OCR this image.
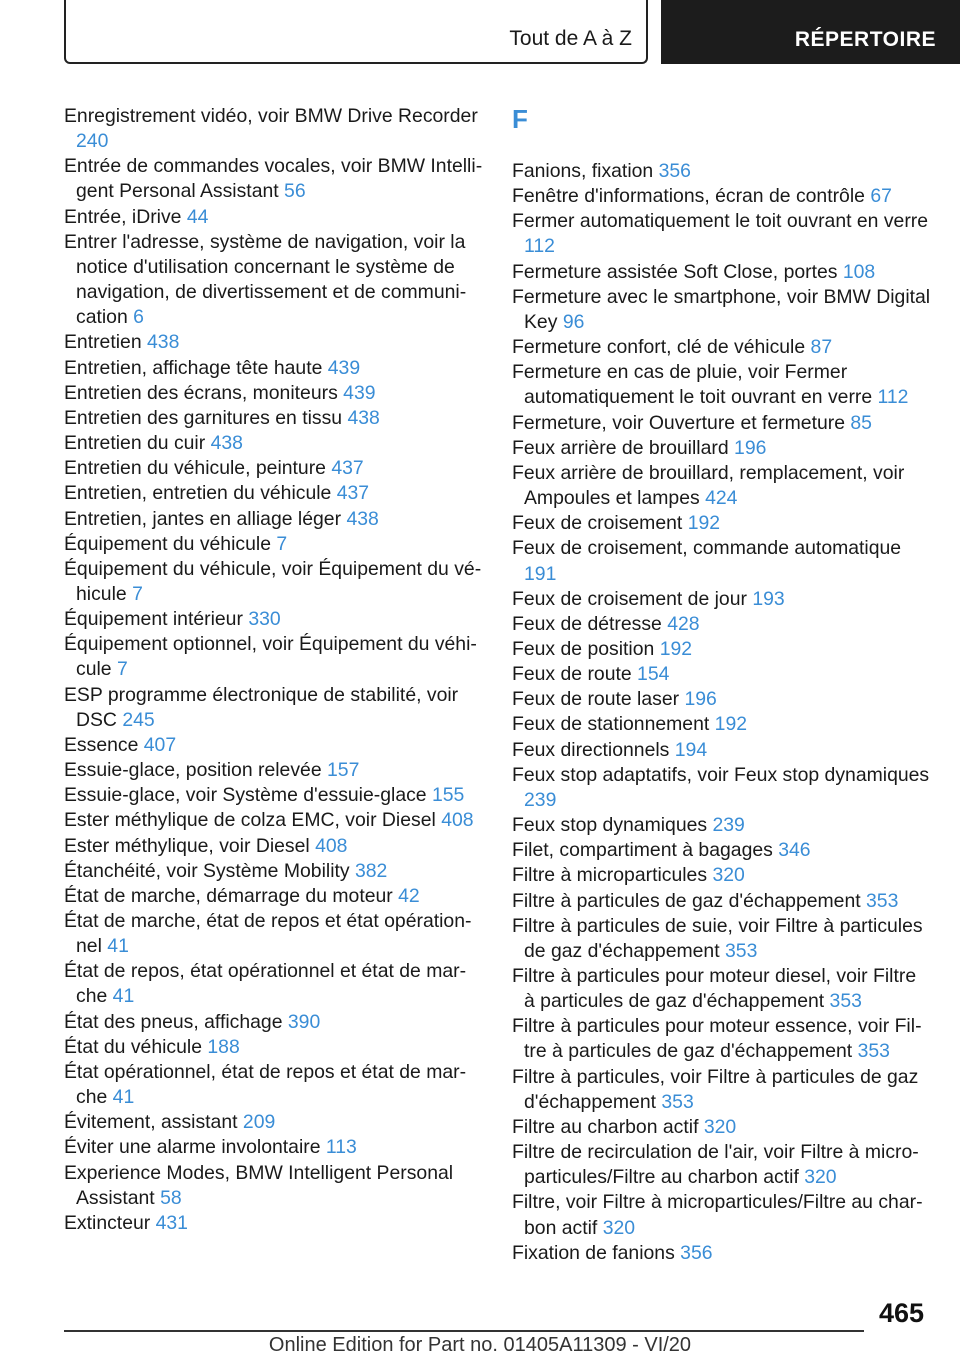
Tout de A à Z	RÉPERTOIRE
Enregistrement vidéo, voir BMW Drive Recorder 240
Entrée de commandes vocales, voir BMW Intelligent Personal Assistant 56
Entrée, iDrive 44
Entrer l'adresse, système de navigation, voir la notice d'utilisation concernant le système de navigation, de divertissement et de communication 6
Entretien 438
Entretien, affichage tête haute 439
Entretien des écrans, moniteurs 439
Entretien des garnitures en tissu 438
Entretien du cuir 438
Entretien du véhicule, peinture 437
Entretien, entretien du véhicule 437
Entretien, jantes en alliage léger 438
Équipement du véhicule 7
Équipement du véhicule, voir Équipement du véhicule 7
Équipement intérieur 330
Équipement optionnel, voir Équipement du véhicule 7
ESP programme électronique de stabilité, voir DSC 245
Essence 407
Essuie-glace, position relevée 157
Essuie-glace, voir Système d'essuie-glace 155
Ester méthylique de colza EMC, voir Diesel 408
Ester méthylique, voir Diesel 408
Étanchéité, voir Système Mobility 382
État de marche, démarrage du moteur 42
État de marche, état de repos et état opérationnel 41
État de repos, état opérationnel et état de marche 41
État des pneus, affichage 390
État du véhicule 188
État opérationnel, état de repos et état de marche 41
Évitement, assistant 209
Éviter une alarme involontaire 113
Experience Modes, BMW Intelligent Personal Assistant 58
Extincteur 431
F
Fanions, fixation 356
Fenêtre d'informations, écran de contrôle 67
Fermer automatiquement le toit ouvrant en verre 112
Fermeture assistée Soft Close, portes 108
Fermeture avec le smartphone, voir BMW Digital Key 96
Fermeture confort, clé de véhicule 87
Fermeture en cas de pluie, voir Fermer automatiquement le toit ouvrant en verre 112
Fermeture, voir Ouverture et fermeture 85
Feux arrière de brouillard 196
Feux arrière de brouillard, remplacement, voir Ampoules et lampes 424
Feux de croisement 192
Feux de croisement, commande automatique 191
Feux de croisement de jour 193
Feux de détresse 428
Feux de position 192
Feux de route 154
Feux de route laser 196
Feux de stationnement 192
Feux directionnels 194
Feux stop adaptatifs, voir Feux stop dynamiques 239
Feux stop dynamiques 239
Filet, compartiment à bagages 346
Filtre à microparticules 320
Filtre à particules de gaz d'échappement 353
Filtre à particules de suie, voir Filtre à particules de gaz d'échappement 353
Filtre à particules pour moteur diesel, voir Filtre à particules de gaz d'échappement 353
Filtre à particules pour moteur essence, voir Filtre à particules de gaz d'échappement 353
Filtre à particules, voir Filtre à particules de gaz d'échappement 353
Filtre au charbon actif 320
Filtre de recirculation de l'air, voir Filtre à microparticules/Filtre au charbon actif 320
Filtre, voir Filtre à microparticules/Filtre au charbon actif 320
Fixation de fanions 356
465
Online Edition for Part no. 01405A11309 - VI/20
